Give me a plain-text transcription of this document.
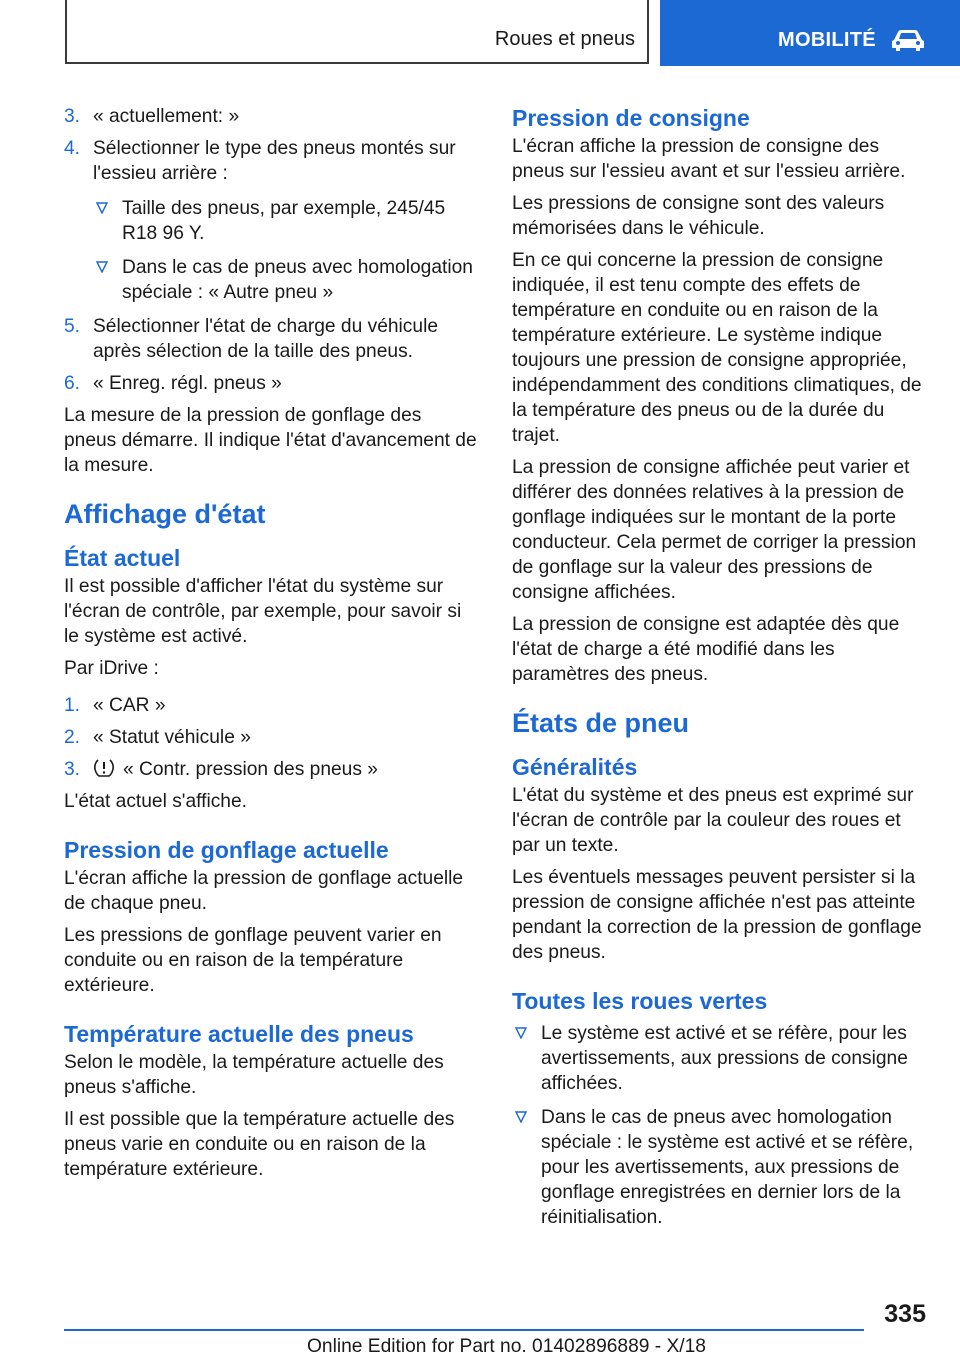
Roues et pneus	MOBILITÉ
3. « actuellement: »
4. Sélectionner le type des pneus montés sur l'essieu arrière :
Taille des pneus, par exemple, 245/45 R18 96 Y.
Dans le cas de pneus avec homologation spéciale : « Autre pneu »
5. Sélectionner l'état de charge du véhicule après sélection de la taille des pneus.
6. « Enreg. régl. pneus »

La mesure de la pression de gonflage des pneus démarre. Il indique l'état d'avancement de la mesure.

Affichage d'état
État actuel

Il est possible d'afficher l'état du système sur l'écran de contrôle, par exemple, pour savoir si le système est activé.

Par iDrive :

1. « CAR »
2. « Statut véhicule »
3. « Contr. pression des pneus »

L'état actuel s'affiche.

Pression de gonflage actuelle

L'écran affiche la pression de gonflage actuelle de chaque pneu.

Les pressions de gonflage peuvent varier en conduite ou en raison de la température extérieure.

Température actuelle des pneus

Selon le modèle, la température actuelle des pneus s'affiche.

Il est possible que la température actuelle des pneus varie en conduite ou en raison de la température extérieure.

Pression de consigne

L'écran affiche la pression de consigne des pneus sur l'essieu avant et sur l'essieu arrière.

Les pressions de consigne sont des valeurs mémorisées dans le véhicule.

En ce qui concerne la pression de consigne indiquée, il est tenu compte des effets de température en conduite ou en raison de la température extérieure. Le système indique toujours une pression de consigne appropriée, indépendamment des conditions climatiques, de la température des pneus ou de la durée du trajet.

La pression de consigne affichée peut varier et différer des données relatives à la pression de gonflage indiquées sur le montant de la porte conducteur. Cela permet de corriger la pression de gonflage sur la valeur des pressions de consigne affichées.

La pression de consigne est adaptée dès que l'état de charge a été modifié dans les paramètres des pneus.

États de pneu
Généralités

L'état du système et des pneus est exprimé sur l'écran de contrôle par la couleur des roues et par un texte.

Les éventuels messages peuvent persister si la pression de consigne affichée n'est pas atteinte pendant la correction de la pression de gonflage des pneus.

Toutes les roues vertes
Le système est activé et se réfère, pour les avertissements, aux pressions de consigne affichées.
Dans le cas de pneus avec homologation spéciale : le système est activé et se réfère, pour les avertissements, aux pressions de gonflage enregistrées en dernier lors de la réinitialisation.
335
Online Edition for Part no. 01402896889 - X/18
